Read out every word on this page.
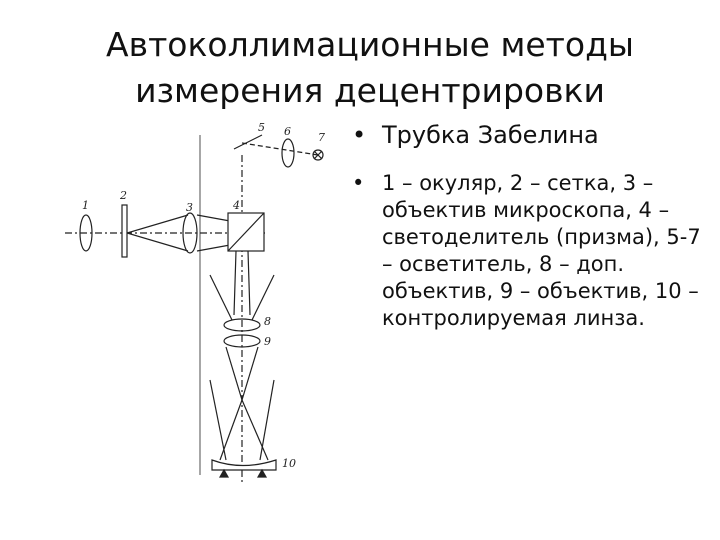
Автоколлимационные методы
измерения децентрировки
• Трубка Забелина
• 1 – окуляр, 2 – сетка, 3 – объектив микроскопа, 4 – светоделитель (призма), 5-7 – осветитель, 8 – доп. объектив, 9 – объектив, 10 – контролируемая линза.
1
2
3	4
5 6 7
8
9
10
